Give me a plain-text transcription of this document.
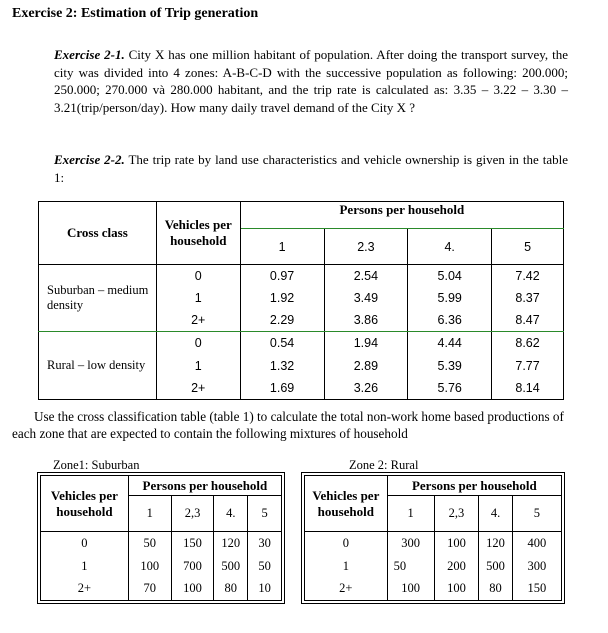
Exercise 2: Estimation of Trip generation
Exercise 2-1. City X has one million habitant of population. After doing the transport survey, the city was divided into 4 zones: A-B-C-D with the successive population as following: 200.000; 250.000; 270.000 và 280.000 habitant, and the trip rate is calculated as: 3.35 – 3.22 – 3.30 – 3.21(trip/person/day). How many daily travel demand of the City X ?
Exercise 2-2. The trip rate by land use characteristics and vehicle ownership is given in the table 1:
Cross class	Vehicles per household	Persons per household			
		1	2.3	4.	5
Suburban – medium density	0	0.97	2.54	5.04	7.42
	1	1.92	3.49	5.99	8.37
	2+	2.29	3.86	6.36	8.47
Rural – low density	0	0.54	1.94	4.44	8.62
	1	1.32	2.89	5.39	7.77
	2+	1.69	3.26	5.76	8.14
Use the cross classification table (table 1) to calculate the total non-work home based productions of each zone that are expected to contain the following mixtures of household
Zone1: Suburban
Vehicles per household	Persons per household			
	1	2,3	4.	5
0	50	150	120	30
1	100	700	500	50
2+	70	100	80	10
Zone 2: Rural
Vehicles per household	Persons per household			
	1	2,3	4.	5
0	300	100	120	400
1	50	200	500	300
2+	100	100	80	150
